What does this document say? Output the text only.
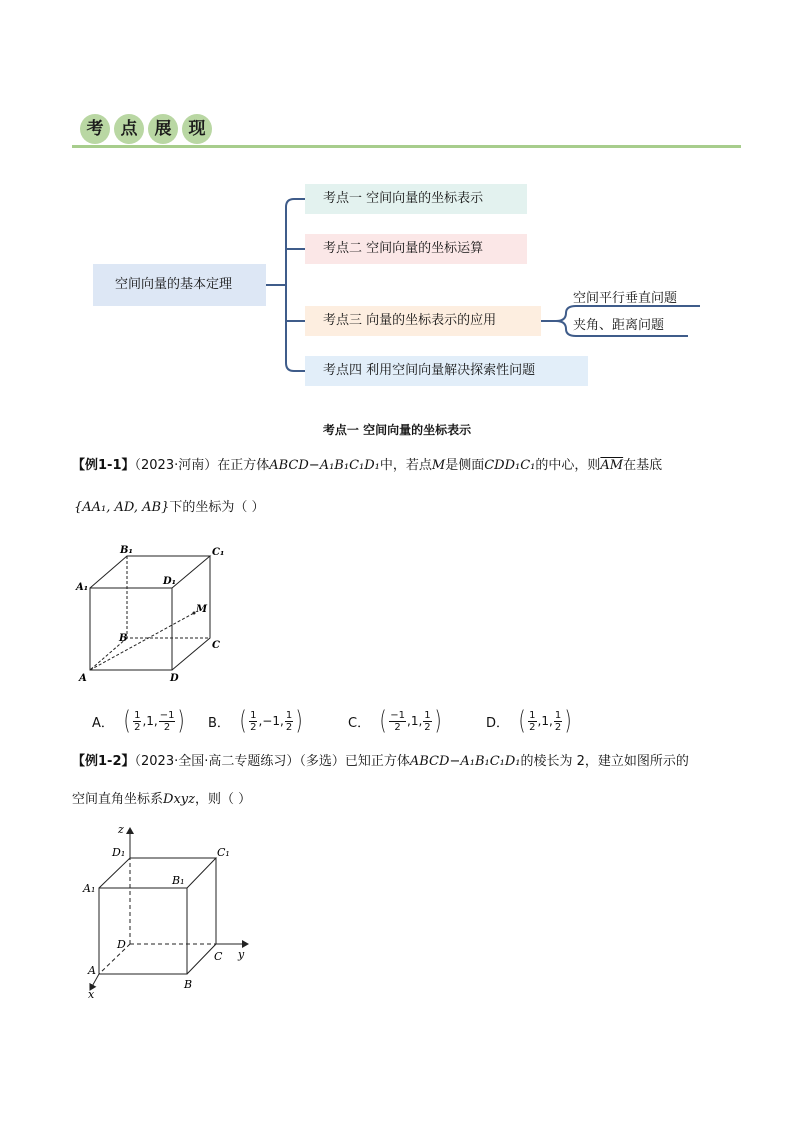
考	点	展	现
空间向量的基本定理
考点一 空间向量的坐标表示
考点二 空间向量的坐标运算
考点三 向量的坐标表示的应用
考点四 利用空间向量解决探索性问题
空间平行垂直问题
夹角、距离问题
考点一 空间向量的坐标表示
【例1-1】（2023·河南）在正方体ABCD−A₁B₁C₁D₁中，若点M是侧面CDD₁C₁的中心，则$\overline{AM}$在基底
{AA₁, AD, AB}下的坐标为（ ）
B₁	C₁
A₁
D₁
M
B
C
A	D
A． ( $\frac{1}{2}$ , 1 , $\frac{-1}{2}$ ) B． ( $\frac{1}{2}$ , −1 , $\frac{1}{2}$ )	C． ( $\frac{-1}{2}$ , 1 , $\frac{1}{2}$ )	D． ( $\frac{1}{2}$ , 1 , $\frac{1}{2}$ )
【例1-2】（2023·全国·高二专题练习）（多选）已知正方体ABCD−A₁B₁C₁D₁的棱长为 2，建立如图所示的
空间直角坐标系Dxyz，则（ ）
z
D₁	C₁
A₁
B₁
D
y
C
A
B
x
